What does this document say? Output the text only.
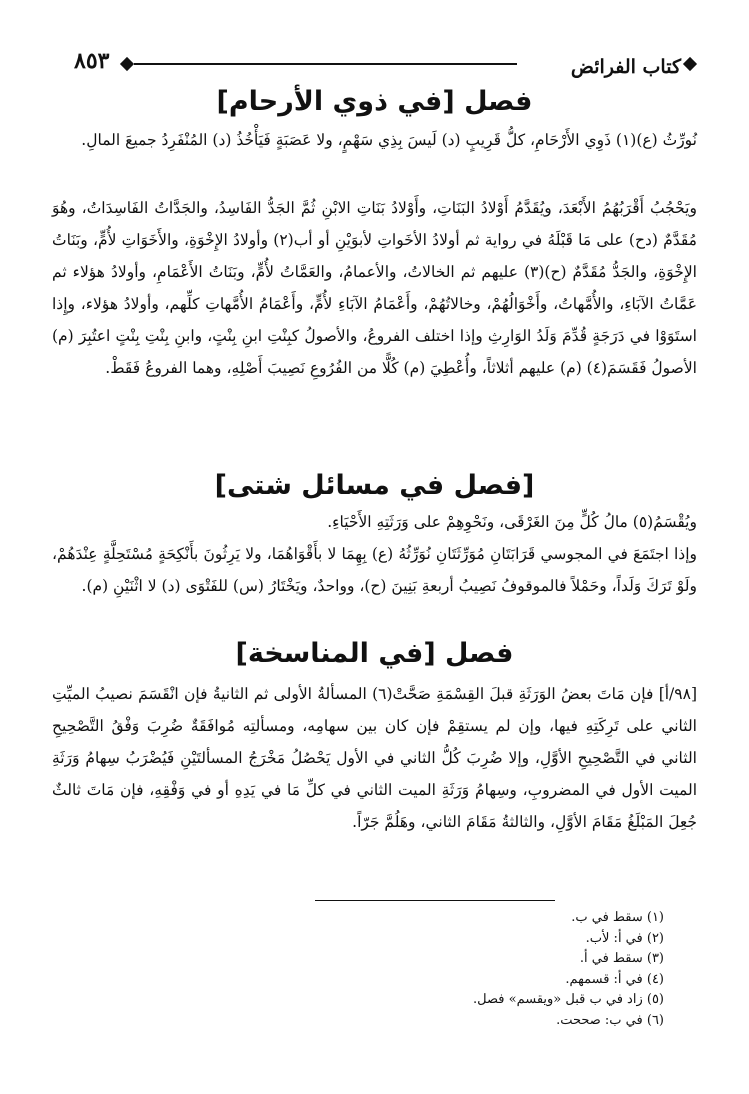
٨٥٣	كتاب الفرائض
فصل [في ذوي الأرحام]

نُورِّثُ (ع)(١) ذَوِي الأَرْحَامِ، كلُّ قَرِيبٍ (د) لَيسَ بِذِي سَهْمٍ، ولا عَصَبَةٍ فَيَأْخُذُ (د) المُنْفَرِدُ جميعَ المالِ.

ويَحْجُبُ أَقْرَبُهُمُ الأَبْعَدَ، ويُقَدَّمُ أَوْلادُ البَنَاتِ، وأَوْلادُ بَنَاتِ الابْنِ ثُمَّ الجَدُّ الفَاسِدُ، والجَدَّاتُ الفَاسِدَاتُ، وهُوَ مُقَدَّمٌ (دح) على مَا قَبْلَهُ في رواية ثم أولادُ الأخَواتِ لأبوَيْنِ أو أب(٢) وأولادُ الإِخْوَةِ، والأَخَوَاتِ لأُمٍّ، وبَنَاتُ الإِخْوَةِ، والجَدُّ مُقَدَّمٌ (ح)(٣) عليهم ثم الخالاتُ، والأعمامُ، والعَمَّاتُ لأُمٍّ، وبَنَاتُ الأَعْمَامِ، وأولادُ هؤلاء ثم عَمَّاتُ الآبَاءِ، والأُمَّهاتُ، وأَخْوَالُهُمْ، وخالاتُهُمْ، وأَعْمَامُ الآبَاءِ لأُمٍّ، وأَعْمَامُ الأُمَّهاتِ كلِّهم، وأولادُ هؤلاء، وإِذا استَوَوْا في دَرَجَةٍ قُدِّمَ وَلَدُ الوَارِثِ وإذا اختلف الفروعُ، والأصولُ كبِنْتِ ابنِ بِنْتٍ، وابنِ بِنْتِ بِنْتٍ اعتُبِرَ (م) الأصولُ فَقَسَمَ(٤) (م) عليهم أثلاثاً، وأُعْطِيَ (م) كُلًّا من الفُرُوعِ نَصِيبَ أَصْلِهِ، وهما الفروعُ فَقَطْ.

[فصل في مسائل شتى]

ويُقْسَمُ(٥) مالُ كُلٍّ مِنَ الغَرْقَى، ونَحْوِهِمْ على وَرَثَتِهِ الأَحْيَاءِ.

وإذا اجتَمَعَ في المجوسي قَرَابَتَانِ مُوَرِّثَتَانِ نُوَرِّثُهُ (ع) بِهِمَا لا بأَقْوَاهُمَا، ولا يَرِثُونَ بأَنْكِحَةٍ مُسْتَحِلَّةٍ عِنْدَهُمْ، ولَوْ تَرَكَ وَلَداً، وحَمْلاً فالموقوفُ نَصِيبُ أربعةِ بَنِينَ (ح)، وواحدٌ، ويَخْتَارُ (س) للفَتْوَى (د) لا اثْنَيْنِ (م).

فصل [في المناسخة]

[٩٨/أ] فإن مَاتَ بعضُ الوَرَثَةِ قبلَ القِسْمَةِ صَحَّتْ(٦) المسألةُ الأولى ثم الثانيةُ فإن انْقَسَمَ نصيبُ الميِّتِ الثاني على تَرِكَتِهِ فيها، وإن لم يستقِمْ فإن كان بين سهامِه، ومسألتِه مُوافَقَةٌ ضُرِبَ وَفْقُ التَّصْحِيحِ الثاني في التَّصْحِيحِ الأوَّلِ، وإلا ضُرِبَ كُلُّ الثاني في الأول يَحْصُلُ مَخْرَجُ المسألتَيْنِ فَيُضْرَبُ سِهامُ وَرَثَةِ الميت الأول في المضروبِ، وسِهامُ وَرَثَةِ الميت الثاني في كلِّ مَا في يَدِهِ أو في وَفْقِهِ، فإن مَاتَ ثالثٌ جُعِلَ المَبْلَغُ مَقَامَ الأوَّلِ، والثالثةُ مَقَامَ الثاني، وهَلُمَّ جَرّاً.

(١) سقط في ب.
(٢) في أ: لأب.
(٣) سقط في أ.
(٤) في أ: قسمهم.
(٥) زاد في ب قبل «ويقسم» فصل.
(٦) في ب: صححت.
